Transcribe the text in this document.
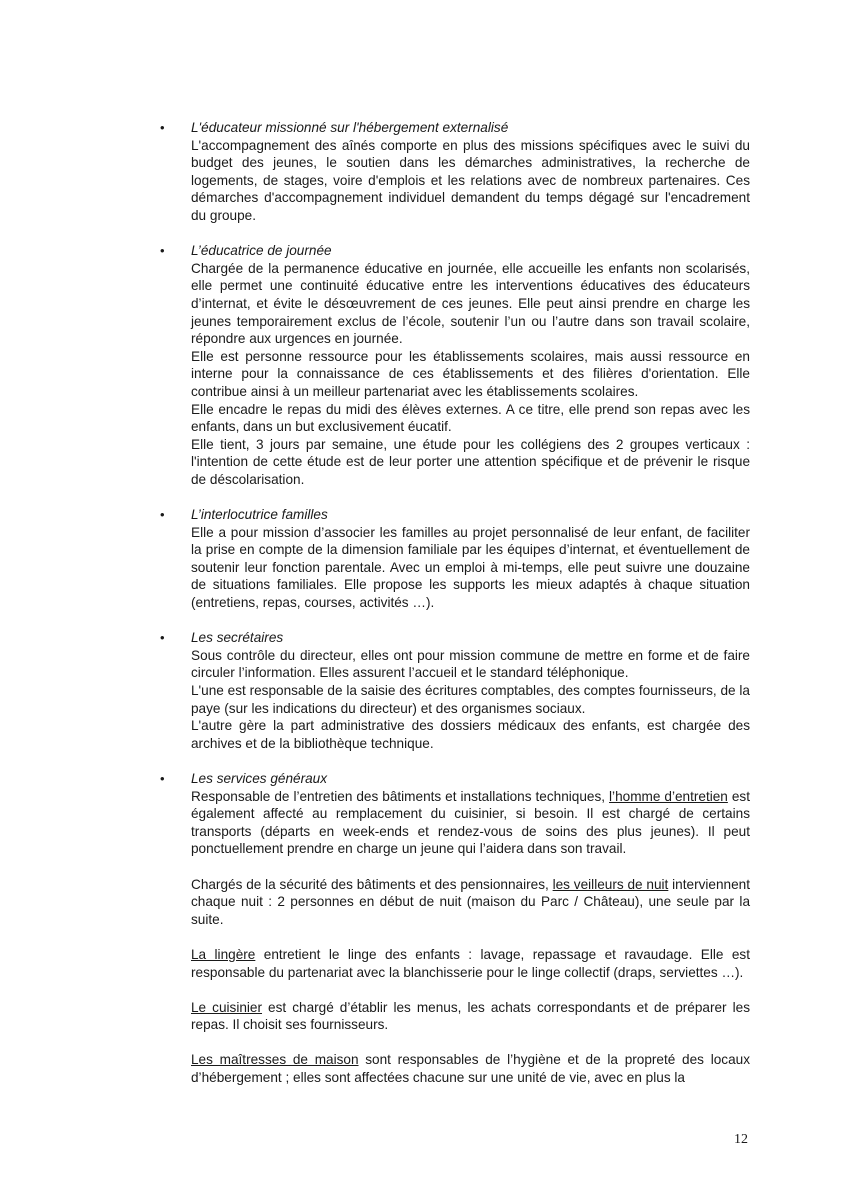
• L'éducateur missionné sur l'hébergement externalisé
L'accompagnement des aînés comporte en plus des missions spécifiques avec le suivi du budget des jeunes, le soutien dans les démarches administratives, la recherche de logements, de stages, voire d'emplois et les relations avec de nombreux partenaires. Ces démarches d'accompagnement individuel demandent du temps dégagé sur l'encadrement du groupe.
• L’éducatrice de journée
Chargée de la permanence éducative en journée, elle accueille les enfants non scolarisés, elle permet une continuité éducative entre les interventions éducatives des éducateurs d’internat, et évite le désœuvrement de ces jeunes. Elle peut ainsi prendre en charge les jeunes temporairement exclus de l’école, soutenir l’un ou l’autre dans son travail scolaire, répondre aux urgences en journée.
Elle est personne ressource pour les établissements scolaires, mais aussi ressource en interne pour la connaissance de ces établissements et des filières d'orientation. Elle contribue ainsi à un meilleur partenariat avec les établissements scolaires.
Elle encadre le repas du midi des élèves externes. A ce titre, elle prend son repas avec les enfants, dans un but exclusivement éucatif.
Elle tient, 3 jours par semaine, une étude pour les collégiens des 2 groupes verticaux : l'intention de cette étude est de leur porter une attention spécifique et de prévenir le risque de déscolarisation.
• L’interlocutrice familles
Elle a pour mission d’associer les familles au projet personnalisé de leur enfant, de faciliter la prise en compte de la dimension familiale par les équipes d’internat, et éventuellement de soutenir leur fonction parentale. Avec un emploi à mi-temps, elle peut suivre une douzaine de situations familiales. Elle propose les supports les mieux adaptés à chaque situation (entretiens, repas, courses, activités …).
• Les secrétaires
Sous contrôle du directeur, elles ont pour mission commune de mettre en forme et de faire circuler l’information. Elles assurent l’accueil et le standard téléphonique.
L'une est responsable de la saisie des écritures comptables, des comptes fournisseurs, de la paye (sur les indications du directeur) et des organismes sociaux.
L'autre gère la part administrative des dossiers médicaux des enfants, est chargée des archives et de la bibliothèque technique.
• Les services généraux
Responsable de l’entretien des bâtiments et installations techniques, l’homme d’entretien est également affecté au remplacement du cuisinier, si besoin. Il est chargé de certains transports (départs en week-ends et rendez-vous de soins des plus jeunes). Il peut ponctuellement prendre en charge un jeune qui l’aidera dans son travail.
Chargés de la sécurité des bâtiments et des pensionnaires, les veilleurs de nuit interviennent chaque nuit : 2 personnes en début de nuit (maison du Parc / Château), une seule par la suite.
La lingère entretient le linge des enfants : lavage, repassage et ravaudage. Elle est responsable du partenariat avec la blanchisserie pour le linge collectif (draps, serviettes …).
Le cuisinier est chargé d’établir les menus, les achats correspondants et de préparer les repas. Il choisit ses fournisseurs.
Les maîtresses de maison sont responsables de l’hygiène et de la propreté des locaux d’hébergement ; elles sont affectées chacune sur une unité de vie, avec en plus la
12
